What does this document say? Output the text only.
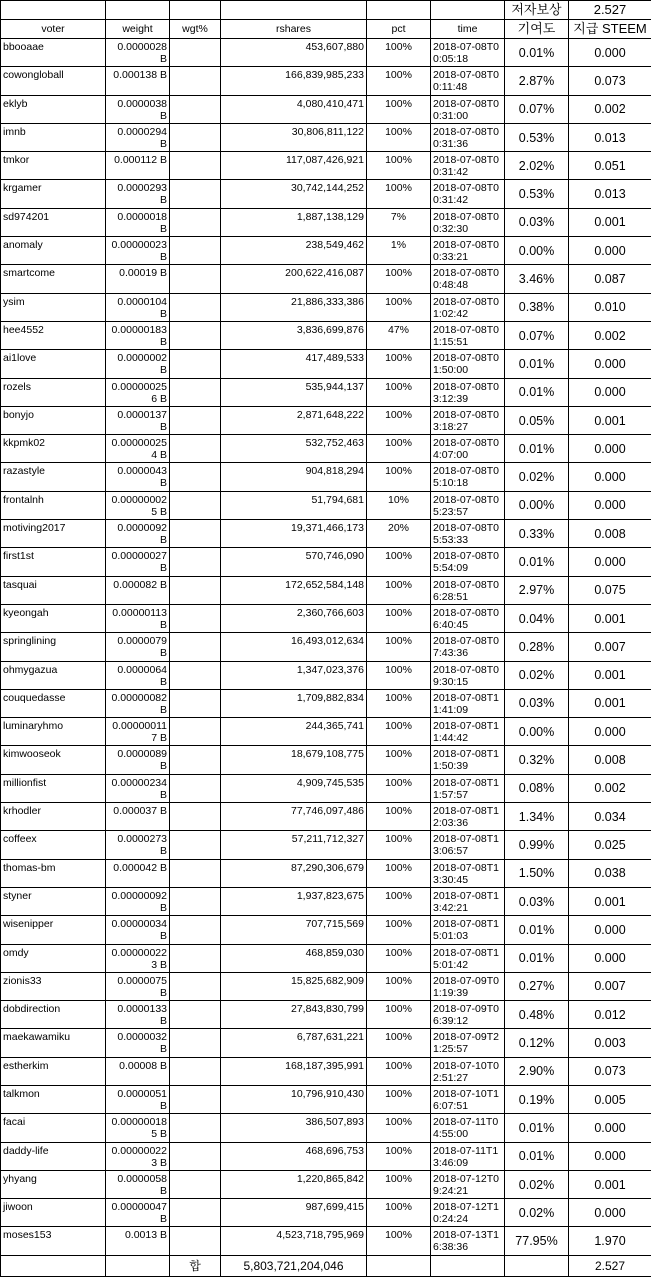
						저자보상	2.527
voter	weight	wgt%	rshares	pct	time	기여도	지급 STEEM
bbooaae	0.0000028 B		453,607,880	100%	2018-07-08T00:05:18	0.01%	0.000
cowongloball	0.000138 B		166,839,985,233	100%	2018-07-08T00:11:48	2.87%	0.073
eklyb	0.0000038 B		4,080,410,471	100%	2018-07-08T00:31:00	0.07%	0.002
imnb	0.0000294 B		30,806,811,122	100%	2018-07-08T00:31:36	0.53%	0.013
tmkor	0.000112 B		117,087,426,921	100%	2018-07-08T00:31:42	2.02%	0.051
krgamer	0.0000293 B		30,742,144,252	100%	2018-07-08T00:31:42	0.53%	0.013
sd974201	0.0000018 B		1,887,138,129	7%	2018-07-08T00:32:30	0.03%	0.001
anomaly	0.00000023 B		238,549,462	1%	2018-07-08T00:33:21	0.00%	0.000
smartcome	0.00019 B		200,622,416,087	100%	2018-07-08T00:48:48	3.46%	0.087
ysim	0.0000104 B		21,886,333,386	100%	2018-07-08T01:02:42	0.38%	0.010
hee4552	0.00000183 B		3,836,699,876	47%	2018-07-08T01:15:51	0.07%	0.002
ai1love	0.0000002 B		417,489,533	100%	2018-07-08T01:50:00	0.01%	0.000
rozels	0.000000256 B		535,944,137	100%	2018-07-08T03:12:39	0.01%	0.000
bonyjo	0.0000137 B		2,871,648,222	100%	2018-07-08T03:18:27	0.05%	0.001
kkpmk02	0.000000254 B		532,752,463	100%	2018-07-08T04:07:00	0.01%	0.000
razastyle	0.0000043 B		904,818,294	100%	2018-07-08T05:10:18	0.02%	0.000
frontalnh	0.000000025 B		51,794,681	10%	2018-07-08T05:23:57	0.00%	0.000
motiving2017	0.0000092 B		19,371,466,173	20%	2018-07-08T05:53:33	0.33%	0.008
first1st	0.00000027 B		570,746,090	100%	2018-07-08T05:54:09	0.01%	0.000
tasquai	0.000082 B		172,652,584,148	100%	2018-07-08T06:28:51	2.97%	0.075
kyeongah	0.00000113 B		2,360,766,603	100%	2018-07-08T06:40:45	0.04%	0.001
springlining	0.0000079 B		16,493,012,634	100%	2018-07-08T07:43:36	0.28%	0.007
ohmygazua	0.0000064 B		1,347,023,376	100%	2018-07-08T09:30:15	0.02%	0.001
couquedasse	0.00000082 B		1,709,882,834	100%	2018-07-08T11:41:09	0.03%	0.001
luminaryhmo	0.000000117 B		244,365,741	100%	2018-07-08T11:44:42	0.00%	0.000
kimwooseok	0.0000089 B		18,679,108,775	100%	2018-07-08T11:50:39	0.32%	0.008
millionfist	0.00000234 B		4,909,745,535	100%	2018-07-08T11:57:57	0.08%	0.002
krhodler	0.000037 B		77,746,097,486	100%	2018-07-08T12:03:36	1.34%	0.034
coffeex	0.0000273 B		57,211,712,327	100%	2018-07-08T13:06:57	0.99%	0.025
thomas-bm	0.000042 B		87,290,306,679	100%	2018-07-08T13:30:45	1.50%	0.038
styner	0.00000092 B		1,937,823,675	100%	2018-07-08T13:42:21	0.03%	0.001
wisenipper	0.00000034 B		707,715,569	100%	2018-07-08T15:01:03	0.01%	0.000
omdy	0.000000223 B		468,859,030	100%	2018-07-08T15:01:42	0.01%	0.000
zionis33	0.0000075 B		15,825,682,909	100%	2018-07-09T01:19:39	0.27%	0.007
dobdirection	0.0000133 B		27,843,830,799	100%	2018-07-09T06:39:12	0.48%	0.012
maekawamiku	0.0000032 B		6,787,631,221	100%	2018-07-09T21:25:57	0.12%	0.003
estherkim	0.00008 B		168,187,395,991	100%	2018-07-10T02:51:27	2.90%	0.073
talkmon	0.0000051 B		10,796,910,430	100%	2018-07-10T16:07:51	0.19%	0.005
facai	0.000000185 B		386,507,893	100%	2018-07-11T04:55:00	0.01%	0.000
daddy-life	0.000000223 B		468,696,753	100%	2018-07-11T13:46:09	0.01%	0.000
yhyang	0.0000058 B		1,220,865,842	100%	2018-07-12T09:24:21	0.02%	0.001
jiwoon	0.00000047 B		987,699,415	100%	2018-07-12T10:24:24	0.02%	0.000
moses153	0.0013 B		4,523,718,795,969	100%	2018-07-13T16:38:36	77.95%	1.970
		합	5,803,721,204,046				2.527
